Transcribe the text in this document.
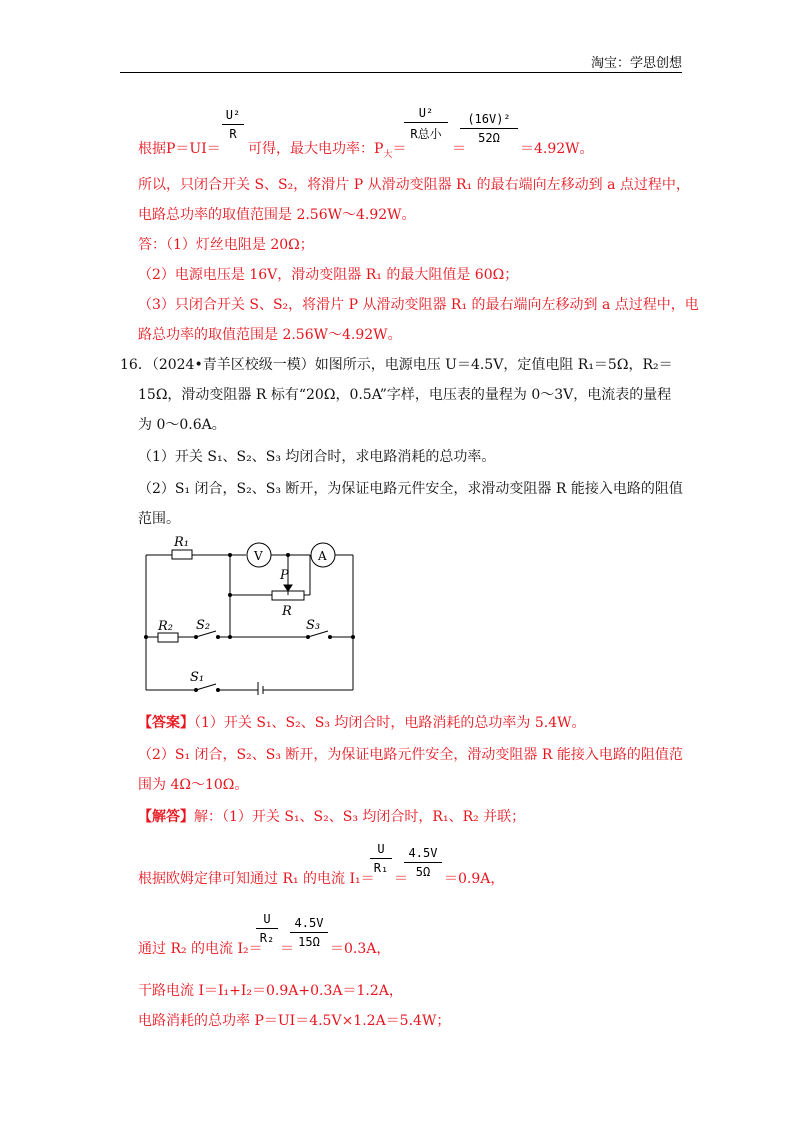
淘宝：学思创想
根据P＝UI＝
U²
R
可得，最大电功率：$P_大=$
U²
R总小
＝
(16V)²
52Ω
＝4.92W。
所以，只闭合开关 S、S₂，将滑片 P 从滑动变阻器 R₁ 的最右端向左移动到 a 点过程中，
电路总功率的取值范围是 2.56W～4.92W。
答：（1）灯丝电阻是 20Ω；
（2）电源电压是 16V，滑动变阻器 R₁ 的最大阻值是 60Ω；
（3）只闭合开关 S、S₂，将滑片 P 从滑动变阻器 R₁ 的最右端向左移动到 a 点过程中，电
路总功率的取值范围是 2.56W～4.92W。
16．（2024•青羊区校级一模）如图所示，电源电压 U＝4.5V，定值电阻 R₁＝5Ω，R₂＝
15Ω，滑动变阻器 R 标有“20Ω，0.5A”字样，电压表的量程为 0～3V，电流表的量程
为 0～0.6A。
（1）开关 S₁、S₂、S₃ 均闭合时，求电路消耗的总功率。
（2）S₁ 闭合，S₂、S₃ 断开，为保证电路元件安全，求滑动变阻器 R 能接入电路的阻值
范围。
R₁
V	A
P
R
R₂ S₂	S₃
S₁
【答案】（1）开关 S₁、S₂、S₃ 均闭合时，电路消耗的总功率为 5.4W。
（2）S₁ 闭合，S₂、S₃ 断开，为保证电路元件安全，滑动变阻器 R 能接入电路的阻值范
围为 4Ω～10Ω。
【解答】解：（1）开关 S₁、S₂、S₃ 均闭合时，R₁、R₂ 并联；
根据欧姆定律可知通过 R₁ 的电流 I₁＝
U
R₁
＝
4.5V
5Ω ＝0.9A，
通过 R₂ 的电流 I₂＝
U
R₂
＝
4.5V
15Ω ＝0.3A，
干路电流 I＝I₁+I₂＝0.9A+0.3A＝1.2A，
电路消耗的总功率 P＝UI＝4.5V×1.2A＝5.4W；
